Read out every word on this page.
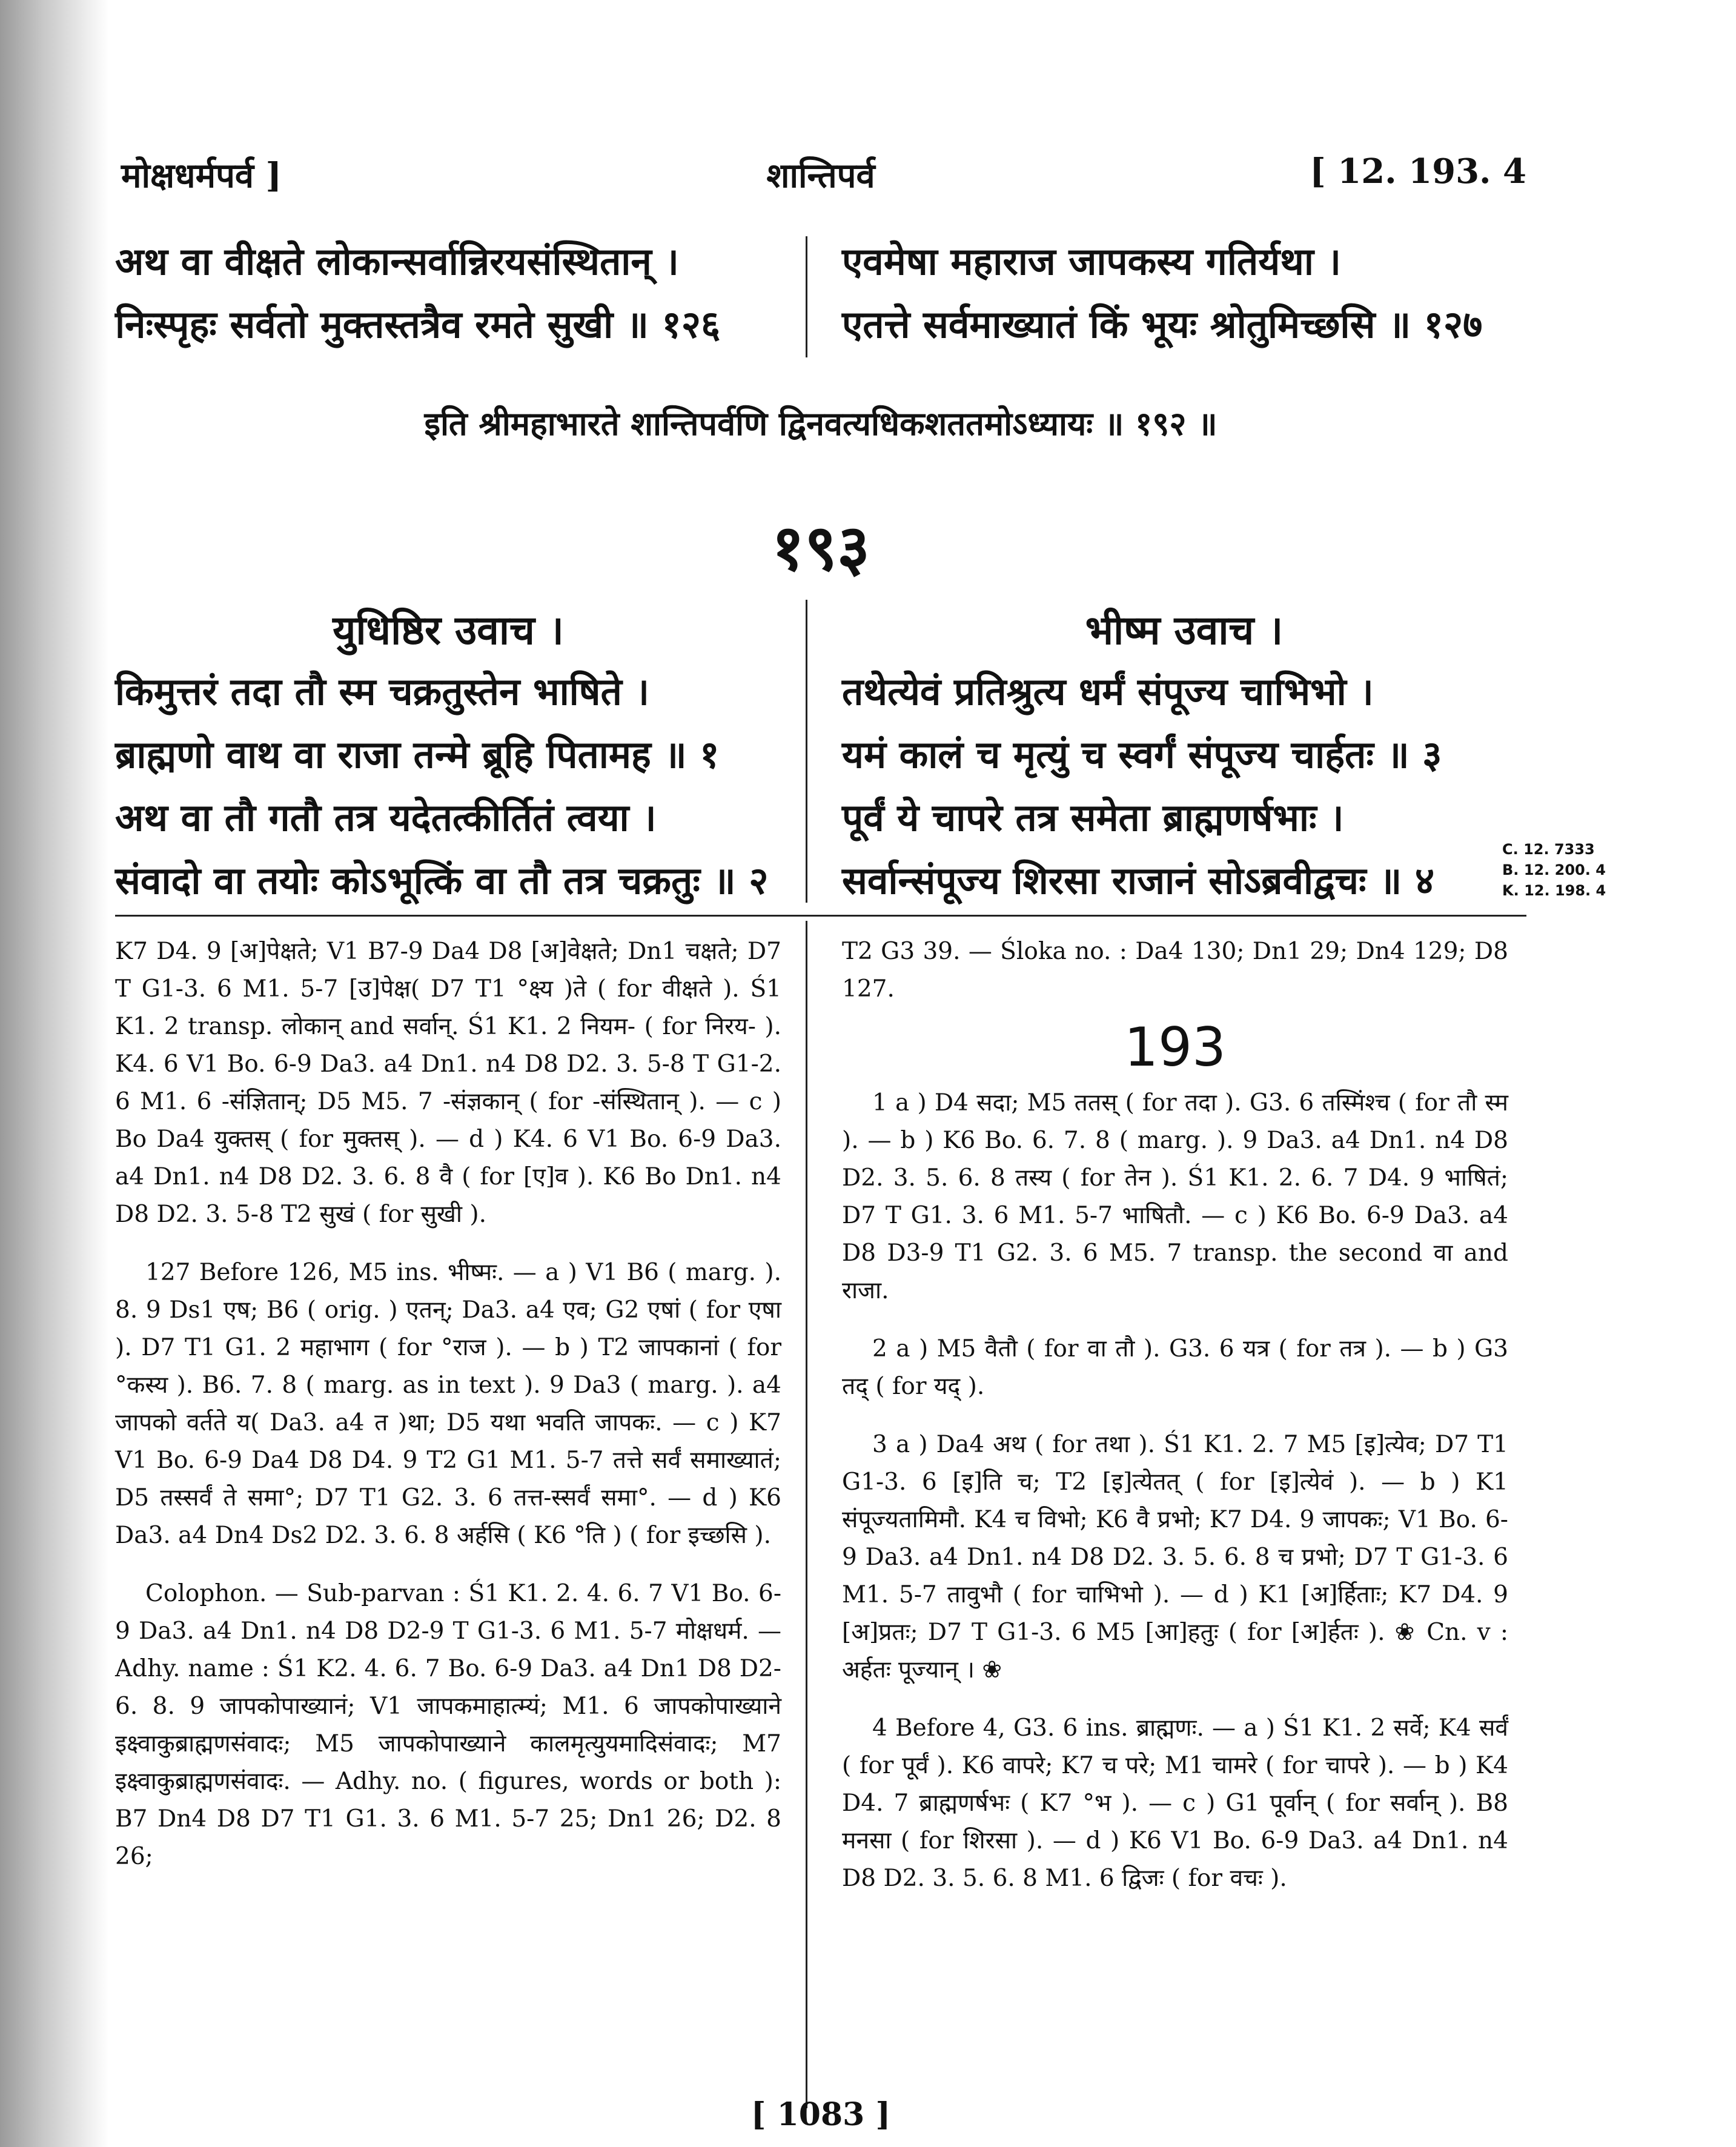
मोक्षधर्मपर्व ]	शान्तिपर्व	[ 12. 193. 4
अथ वा वीक्षते लोकान्सर्वान्निरयसंस्थितान् ।
निःस्पृहः सर्वतो मुक्तस्तत्रैव रमते सुखी ॥ १२६
एवमेषा महाराज जापकस्य गतिर्यथा ।
एतत्ते सर्वमाख्यातं किं भूयः श्रोतुमिच्छसि ॥ १२७
इति श्रीमहाभारते शान्तिपर्वणि द्विनवत्यधिकशततमोऽध्यायः ॥ १९२ ॥
१९३
युधिष्ठिर उवाच ।
किमुत्तरं तदा तौ स्म चक्रतुस्तेन भाषिते ।
ब्राह्मणो वाथ वा राजा तन्मे ब्रूहि पितामह ॥ १
अथ वा तौ गतौ तत्र यदेतत्कीर्तितं त्वया ।
संवादो वा तयोः कोऽभूत्किं वा तौ तत्र चक्रतुः ॥ २
भीष्म उवाच ।
तथेत्येवं प्रतिश्रुत्य धर्मं संपूज्य चाभिभो ।
यमं कालं च मृत्युं च स्वर्गं संपूज्य चार्हतः ॥ ३
पूर्वं ये चापरे तत्र समेता ब्राह्मणर्षभाः ।
सर्वान्संपूज्य शिरसा राजानं सोऽब्रवीद्वचः ॥ ४
C. 12. 7333
B. 12. 200. 4
K. 12. 198. 4

K7 D4. 9 [अ]पेक्षते; V1 B7-9 Da4 D8 [अ]वेक्षते; Dn1 चक्षते; D7 T G1-3. 6 M1. 5-7 [उ]पेक्ष( D7 T1 °क्ष्य )ते ( for वीक्षते ). Ś1 K1. 2 transp. लोकान् and सर्वान्. Ś1 K1. 2 नियम- ( for निरय- ). K4. 6 V1 Bo. 6-9 Da3. a4 Dn1. n4 D8 D2. 3. 5-8 T G1-2. 6 M1. 6 -संज्ञितान्; D5 M5. 7 -संज्ञकान् ( for -संस्थितान् ). — c ) Bo Da4 युक्तस् ( for मुक्तस् ). — d ) K4. 6 V1 Bo. 6-9 Da3. a4 Dn1. n4 D8 D2. 3. 6. 8 वै ( for [ए]व ). K6 Bo Dn1. n4 D8 D2. 3. 5-8 T2 सुखं ( for सुखी ).

127 Before 126, M5 ins. भीष्मः. — a ) V1 B6 ( marg. ). 8. 9 Ds1 एष; B6 ( orig. ) एतन्; Da3. a4 एव; G2 एषां ( for एषा ). D7 T1 G1. 2 महाभाग ( for °राज ). — b ) T2 जापकानां ( for °कस्य ). B6. 7. 8 ( marg. as in text ). 9 Da3 ( marg. ). a4 जापको वर्तते य( Da3. a4 त )था; D5 यथा भवति जापकः. — c ) K7 V1 Bo. 6-9 Da4 D8 D4. 9 T2 G1 M1. 5-7 तत्ते सर्वं समाख्यातं; D5 तस्सर्वं ते समा°; D7 T1 G2. 3. 6 तत्त-स्सर्वं समा°. — d ) K6 Da3. a4 Dn4 Ds2 D2. 3. 6. 8 अर्हसि ( K6 °ति ) ( for इच्छसि ).

Colophon. — Sub-parvan : Ś1 K1. 2. 4. 6. 7 V1 Bo. 6-9 Da3. a4 Dn1. n4 D8 D2-9 T G1-3. 6 M1. 5-7 मोक्षधर्म. — Adhy. name : Ś1 K2. 4. 6. 7 Bo. 6-9 Da3. a4 Dn1 D8 D2-6. 8. 9 जापकोपाख्यानं; V1 जापकमाहात्म्यं; M1. 6 जापकोपाख्याने इक्ष्वाकुब्राह्मणसंवादः; M5 जापकोपाख्याने कालमृत्युयमादिसंवादः; M7 इक्ष्वाकुब्राह्मणसंवादः. — Adhy. no. ( figures, words or both ): B7 Dn4 D8 D7 T1 G1. 3. 6 M1. 5-7 25; Dn1 26; D2. 8 26;

T2 G3 39. — Śloka no. : Da4 130; Dn1 29; Dn4 129; D8 127.

193

1 a ) D4 सदा; M5 ततस् ( for तदा ). G3. 6 तस्मिंश्च ( for तौ स्म ). — b ) K6 Bo. 6. 7. 8 ( marg. ). 9 Da3. a4 Dn1. n4 D8 D2. 3. 5. 6. 8 तस्य ( for तेन ). Ś1 K1. 2. 6. 7 D4. 9 भाषितं; D7 T G1. 3. 6 M1. 5-7 भाषितौ. — c ) K6 Bo. 6-9 Da3. a4 D8 D3-9 T1 G2. 3. 6 M5. 7 transp. the second वा and राजा.

2 a ) M5 वैतौ ( for वा तौ ). G3. 6 यत्र ( for तत्र ). — b ) G3 तद् ( for यद् ).

3 a ) Da4 अथ ( for तथा ). Ś1 K1. 2. 7 M5 [इ]त्येव; D7 T1 G1-3. 6 [इ]ति च; T2 [इ]त्येतत् ( for [इ]त्येवं ). — b ) K1 संपूज्यतामिमौ. K4 च विभो; K6 वै प्रभो; K7 D4. 9 जापकः; V1 Bo. 6-9 Da3. a4 Dn1. n4 D8 D2. 3. 5. 6. 8 च प्रभो; D7 T G1-3. 6 M1. 5-7 तावुभौ ( for चाभिभो ). — d ) K1 [अ]र्हिताः; K7 D4. 9 [अ]प्रतः; D7 T G1-3. 6 M5 [आ]हतुः ( for [अ]र्हतः ). ❀ Cn. v : अर्हतः पूज्यान् । ❀

4 Before 4, G3. 6 ins. ब्राह्मणः. — a ) Ś1 K1. 2 सर्वे; K4 सर्वं ( for पूर्वं ). K6 वापरे; K7 च परे; M1 चामरे ( for चापरे ). — b ) K4 D4. 7 ब्राह्मणर्षभः ( K7 °भ ). — c ) G1 पूर्वान् ( for सर्वान् ). B8 मनसा ( for शिरसा ). — d ) K6 V1 Bo. 6-9 Da3. a4 Dn1. n4 D8 D2. 3. 5. 6. 8 M1. 6 द्विजः ( for वचः ).

[ 1083 ]
